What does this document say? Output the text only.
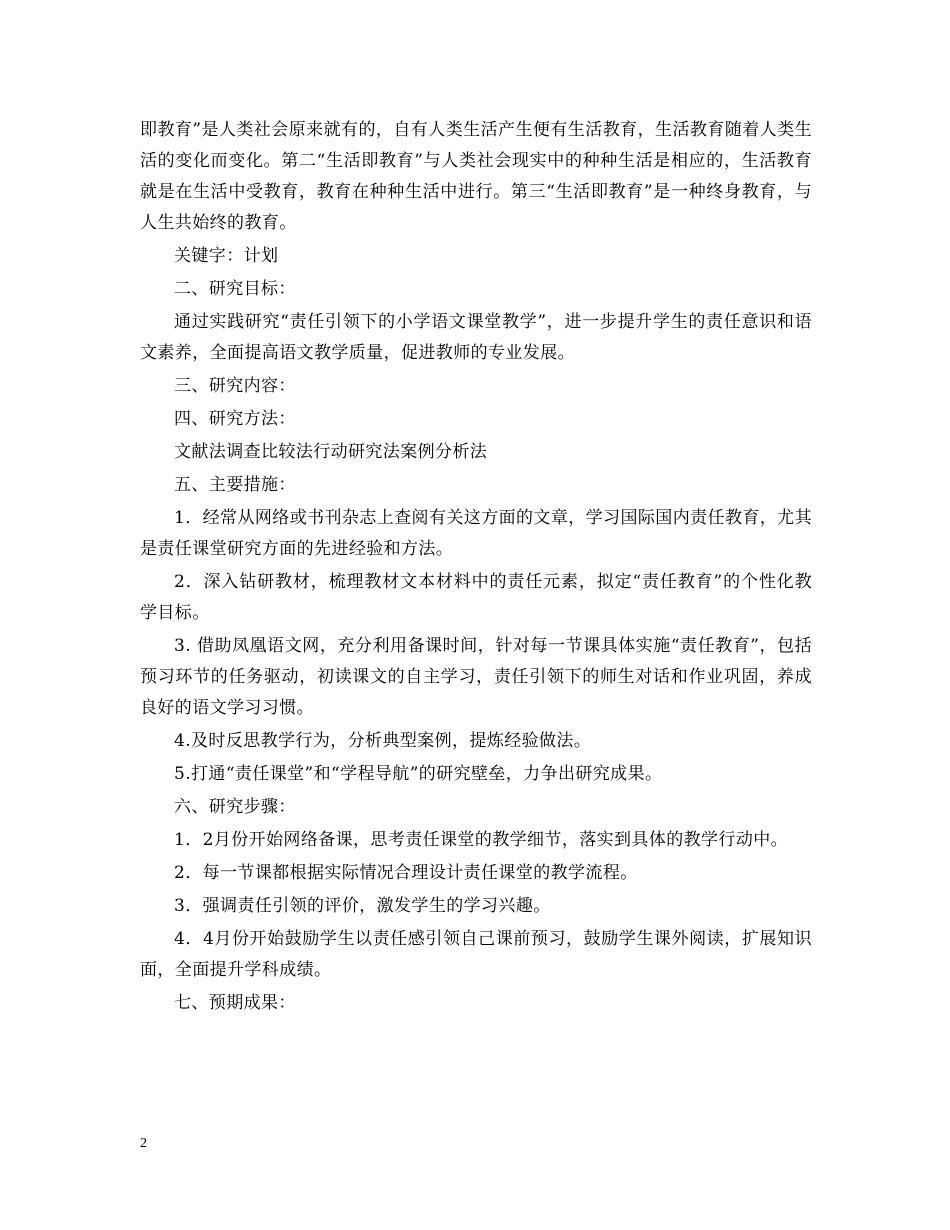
即教育”是人类社会原来就有的，自有人类生活产生便有生活教育，生活教育随着人类生活的变化而变化。第二“生活即教育”与人类社会现实中的种种生活是相应的，生活教育就是在生活中受教育，教育在种种生活中进行。第三“生活即教育”是一种终身教育，与人生共始终的教育。

关键字：计划

二、研究目标：

通过实践研究“责任引领下的小学语文课堂教学”，进一步提升学生的责任意识和语文素养，全面提高语文教学质量，促进教师的专业发展。

三、研究内容：

四、研究方法：

文献法调查比较法行动研究法案例分析法

五、主要措施：

1．经常从网络或书刊杂志上查阅有关这方面的文章，学习国际国内责任教育，尤其是责任课堂研究方面的先进经验和方法。

2．深入钻研教材，梳理教材文本材料中的责任元素，拟定“责任教育”的个性化教学目标。

3. 借助凤凰语文网，充分利用备课时间，针对每一节课具体实施“责任教育”，包括预习环节的任务驱动，初读课文的自主学习，责任引领下的师生对话和作业巩固，养成良好的语文学习习惯。

4.及时反思教学行为，分析典型案例，提炼经验做法。

5.打通“责任课堂”和“学程导航”的研究壁垒，力争出研究成果。

六、研究步骤：

1．2月份开始网络备课，思考责任课堂的教学细节，落实到具体的教学行动中。

2．每一节课都根据实际情况合理设计责任课堂的教学流程。

3．强调责任引领的评价，激发学生的学习兴趣。

4．4月份开始鼓励学生以责任感引领自己课前预习，鼓励学生课外阅读，扩展知识面，全面提升学科成绩。

七、预期成果：

2
